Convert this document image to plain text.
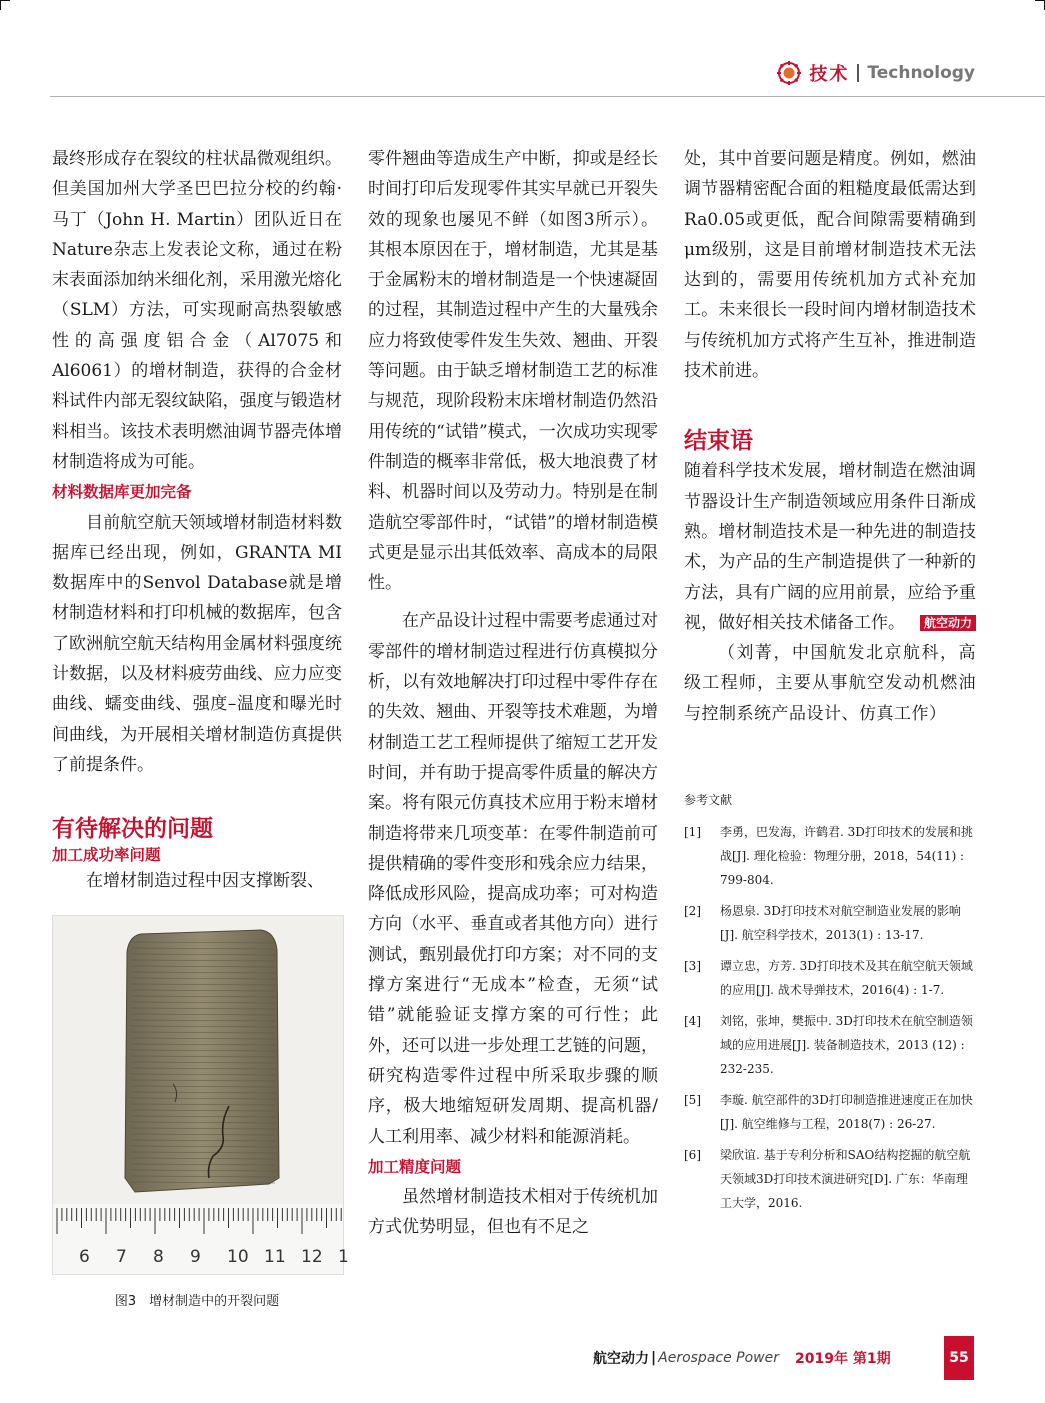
技术 Technology

最终形成存在裂纹的柱状晶微观组织。但美国加州大学圣巴巴拉分校的约翰·马丁（John H. Martin）团队近日在Nature杂志上发表论文称，通过在粉末表面添加纳米细化剂，采用激光熔化（SLM）方法，可实现耐高热裂敏感性的高强度铝合金（Al7075和Al6061）的增材制造，获得的合金材料试件内部无裂纹缺陷，强度与锻造材料相当。该技术表明燃油调节器壳体增材制造将成为可能。

材料数据库更加完备

目前航空航天领域增材制造材料数据库已经出现，例如，GRANTA MI数据库中的Senvol Database就是增材制造材料和打印机械的数据库，包含了欧洲航空航天结构用金属材料强度统计数据，以及材料疲劳曲线、应力应变曲线、蠕变曲线、强度–温度和曝光时间曲线，为开展相关增材制造仿真提供了前提条件。

有待解决的问题

加工成功率问题

在增材制造过程中因支撑断裂、

6 7 8 9 10 11 12 1
图3　增材制造中的开裂问题

零件翘曲等造成生产中断，抑或是经长时间打印后发现零件其实早就已开裂失效的现象也屡见不鲜（如图3所示）。其根本原因在于，增材制造，尤其是基于金属粉末的增材制造是一个快速凝固的过程，其制造过程中产生的大量残余应力将致使零件发生失效、翘曲、开裂等问题。由于缺乏增材制造工艺的标准与规范，现阶段粉末床增材制造仍然沿用传统的“试错”模式，一次成功实现零件制造的概率非常低，极大地浪费了材料、机器时间以及劳动力。特别是在制造航空零部件时，“试错”的增材制造模式更是显示出其低效率、高成本的局限性。

在产品设计过程中需要考虑通过对零部件的增材制造过程进行仿真模拟分析，以有效地解决打印过程中零件存在的失效、翘曲、开裂等技术难题，为增材制造工艺工程师提供了缩短工艺开发时间，并有助于提高零件质量的解决方案。将有限元仿真技术应用于粉末增材制造将带来几项变革：在零件制造前可提供精确的零件变形和残余应力结果，降低成形风险，提高成功率；可对构造方向（水平、垂直或者其他方向）进行测试，甄别最优打印方案；对不同的支撑方案进行“无成本”检查，无须“试错”就能验证支撑方案的可行性；此外，还可以进一步处理工艺链的问题，研究构造零件过程中所采取步骤的顺序，极大地缩短研发周期、提高机器/人工利用率、减少材料和能源消耗。

加工精度问题

虽然增材制造技术相对于传统机加方式优势明显，但也有不足之

处，其中首要问题是精度。例如，燃油调节器精密配合面的粗糙度最低需达到Ra0.05或更低，配合间隙需要精确到μm级别，这是目前增材制造技术无法达到的，需要用传统机加方式补充加工。未来很长一段时间内增材制造技术与传统机加方式将产生互补，推进制造技术前进。

结束语

随着科学技术发展，增材制造在燃油调节器设计生产制造领域应用条件日渐成熟。增材制造技术是一种先进的制造技术，为产品的生产制造提供了一种新的方法，具有广阔的应用前景，应给予重视，做好相关技术储备工作。	航空动力

（刘菁，中国航发北京航科，高级工程师，主要从事航空发动机燃油与控制系统产品设计、仿真工作）

参考文献

[1]	李勇，巴发海，许鹤君. 3D打印技术的发展和挑战[J]. 理化检验：物理分册，2018，54(11) : 799-804.
[2]	杨恩泉. 3D打印技术对航空制造业发展的影响[J]. 航空科学技术，2013(1) : 13-17.
[3]	谭立忠，方芳. 3D打印技术及其在航空航天领域的应用[J]. 战术导弹技术，2016(4) : 1-7.
[4]	刘铭，张坤，樊振中. 3D打印技术在航空制造领域的应用进展[J]. 装备制造技术，2013 (12) : 232-235.
[5]	李璇. 航空部件的3D打印制造推进速度正在加快[J]. 航空维修与工程，2018(7) : 26-27.
[6]	梁欣谊. 基于专利分析和SAO结构挖掘的航空航天领域3D打印技术演进研究[D]. 广东：华南理工大学，2016.
航空动力 | Aerospace Power 2019年 第1期	55
